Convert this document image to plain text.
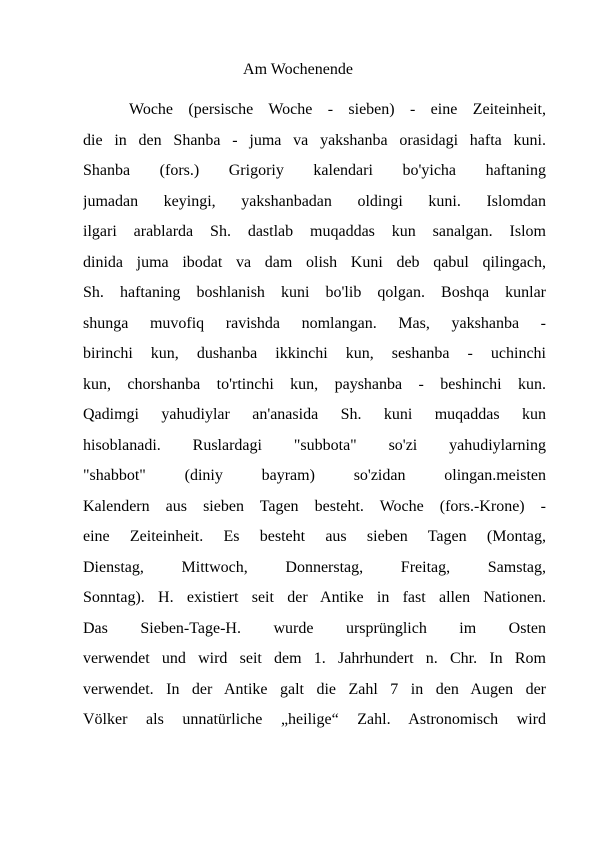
Am Wochenende
Woche (persische Woche - sieben) - eine Zeiteinheit,
die in den Shanba - juma va yakshanba orasidagi hafta kuni.
Shanba (fors.) Grigoriy kalendari bo'yicha haftaning
jumadan keyingi, yakshanbadan oldingi kuni. Islomdan
ilgari arablarda Sh. dastlab muqaddas kun sanalgan. Islom
dinida juma ibodat va dam olish Kuni deb qabul qilingach,
Sh. haftaning boshlanish kuni bo'lib qolgan. Boshqa kunlar
shunga muvofiq ravishda nomlangan. Mas, yakshanba -
birinchi kun, dushanba ikkinchi kun, seshanba - uchinchi
kun, chorshanba to'rtinchi kun, payshanba - beshinchi kun.
Qadimgi yahudiylar an'anasida Sh. kuni muqaddas kun
hisoblanadi. Ruslardagi "subbota" so'zi yahudiylarning
"shabbot" (diniy bayram) so'zidan olingan.meisten
Kalendern aus sieben Tagen besteht. Woche (fors.-Krone) -
eine Zeiteinheit. Es besteht aus sieben Tagen (Montag,
Dienstag, Mittwoch, Donnerstag, Freitag, Samstag,
Sonntag). H. existiert seit der Antike in fast allen Nationen.
Das Sieben-Tage-H. wurde ursprünglich im Osten
verwendet und wird seit dem 1. Jahrhundert n. Chr. In Rom
verwendet. In der Antike galt die Zahl 7 in den Augen der
Völker als unnatürliche „heilige“ Zahl. Astronomisch wird
